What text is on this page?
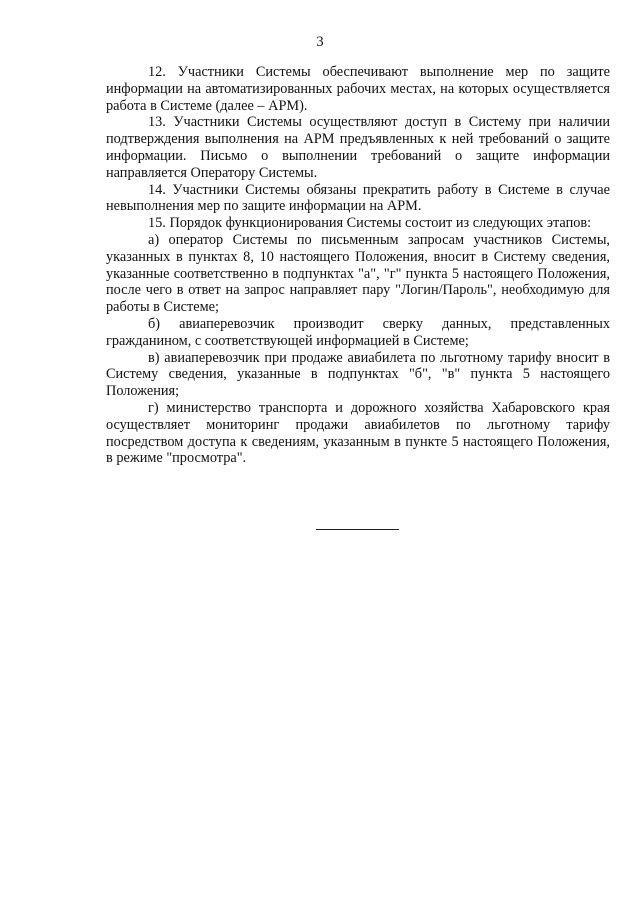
3

12. Участники Системы обеспечивают выполнение мер по защите информации на автоматизированных рабочих местах, на которых осуществляется работа в Системе (далее – АРМ).

13. Участники Системы осуществляют доступ в Систему при наличии подтверждения выполнения на АРМ предъявленных к ней требований о защите информации. Письмо о выполнении требований о защите информации направляется Оператору Системы.

14. Участники Системы обязаны прекратить работу в Системе в случае невыполнения мер по защите информации на АРМ.

15. Порядок функционирования Системы состоит из следующих этапов:

а) оператор Системы по письменным запросам участников Системы, указанных в пунктах 8, 10 настоящего Положения, вносит в Систему сведения, указанные соответственно в подпунктах "а", "г" пункта 5 настоящего Положения, после чего в ответ на запрос направляет пару "Логин/Пароль", необходимую для работы в Системе;

б) авиаперевозчик производит сверку данных, представленных гражданином, с соответствующей информацией в Системе;

в) авиаперевозчик при продаже авиабилета по льготному тарифу вносит в Систему сведения, указанные в подпунктах "б", "в" пункта 5 настоящего Положения;

г) министерство транспорта и дорожного хозяйства Хабаровского края осуществляет мониторинг продажи авиабилетов по льготному тарифу посредством доступа к сведениям, указанным в пункте 5 настоящего Положения, в режиме "просмотра".
